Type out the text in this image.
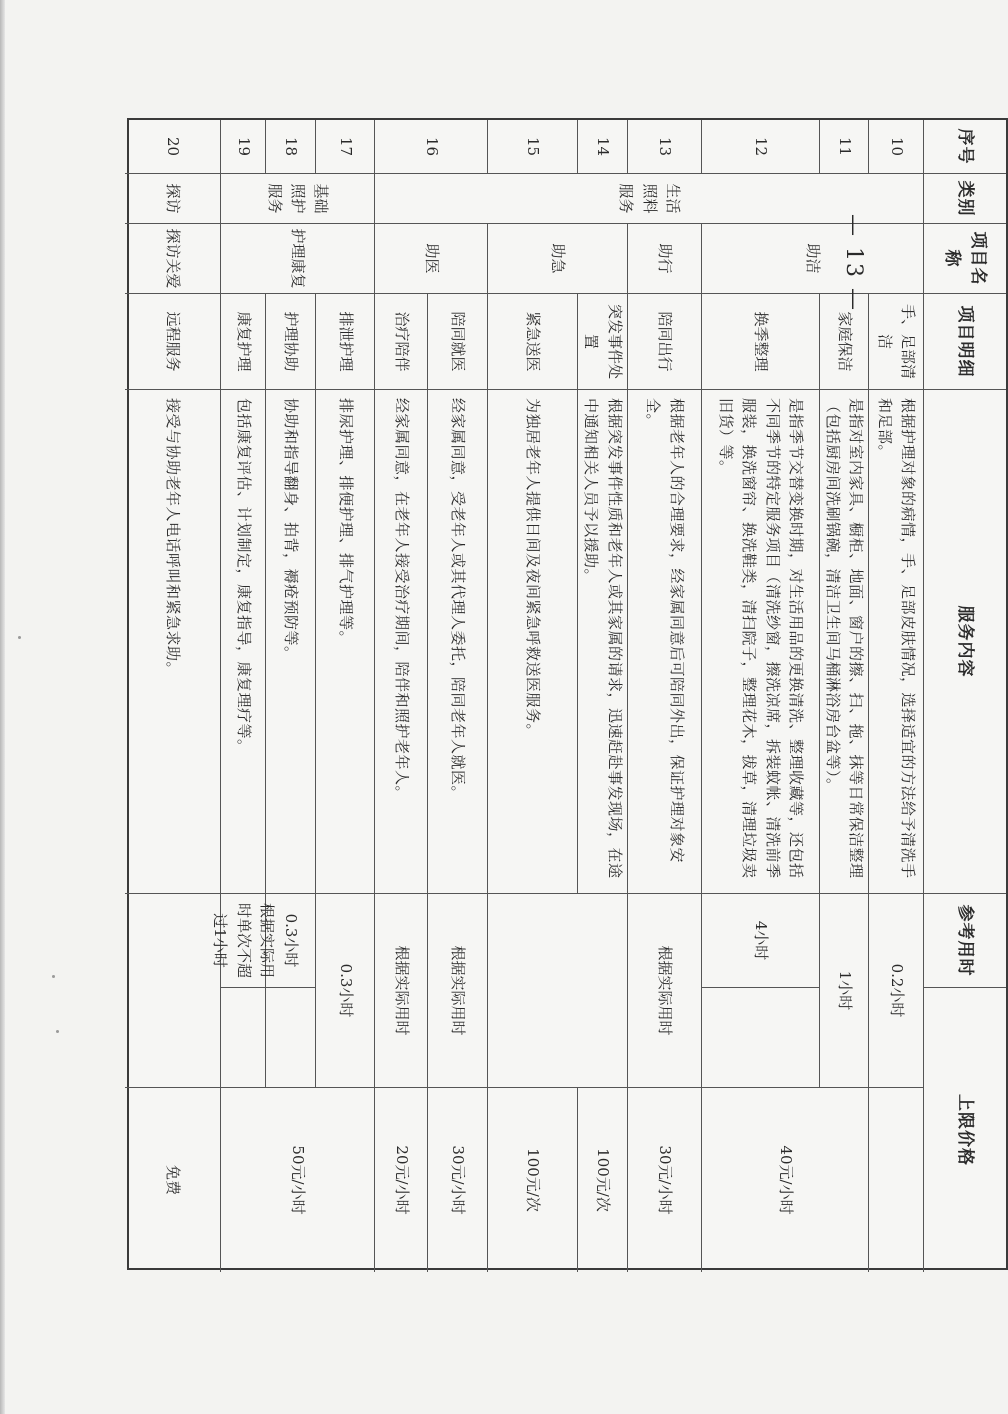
序号
类别
项目名称
项目明细
服务内容
参考用时
上限价格
生活照料服务
基础照护服务
探访
助洁
助行
助急
助医
护理康复
探访关爱
10
手、足部清洁
根据护理对象的病情，手、足部皮肤情况，选择适宜的方法给予清洗手和足部。
0.2小时
11
家庭保洁
是指对室内家具、橱柜、地面、窗户的擦、扫、拖、抹等日常保洁整理（包括厨房间洗刷锅碗，清洁卫生间马桶淋浴房台盆等）。
1小时
40元/小时
12
换季整理
是指季节交替变换时期，对生活用品的更换清洗、整理收藏等，还包括不同季节的特定服务项目（清洗纱窗，擦洗凉席，拆装蚊帐、清洗前季服装，换洗窗帘、换洗鞋类，清扫院子，整理花木，拔草，清理垃圾卖旧货）等。
4小时
13
陪同出行
根据老年人的合理要求，经家属同意后可陪同外出，保证护理对象安全。
根据实际用时
30元/小时
14
突发事件处置
根据突发事件性质和老年人或其家属的请求，迅速赶赴事发现场，在途中通知相关人员予以援助。
100元/次
15
紧急送医
为独居老年人提供日间及夜间紧急呼救送医服务。
100元/次
16
陪同就医
经家属同意，受老年人或其代理人委托，陪同老年人就医。
根据实际用时
30元/小时
治疗陪伴
经家属同意，在老年人接受治疗期间，陪伴和照护老年人。
根据实际用时
20元/小时
17
排泄护理
排尿护理、排便护理、排气护理等。
0.3小时
50元/小时
18
护理协助
协助和指导翻身、拍背，褥疮预防等。
0.3小时
19
康复护理
包括康复评估、计划制定，康复指导，康复理疗等。
根据实际用时单次不超过1小时
20
远程服务
接受与协助老年人电话呼叫和紧急求助。
免费
— 13 —
